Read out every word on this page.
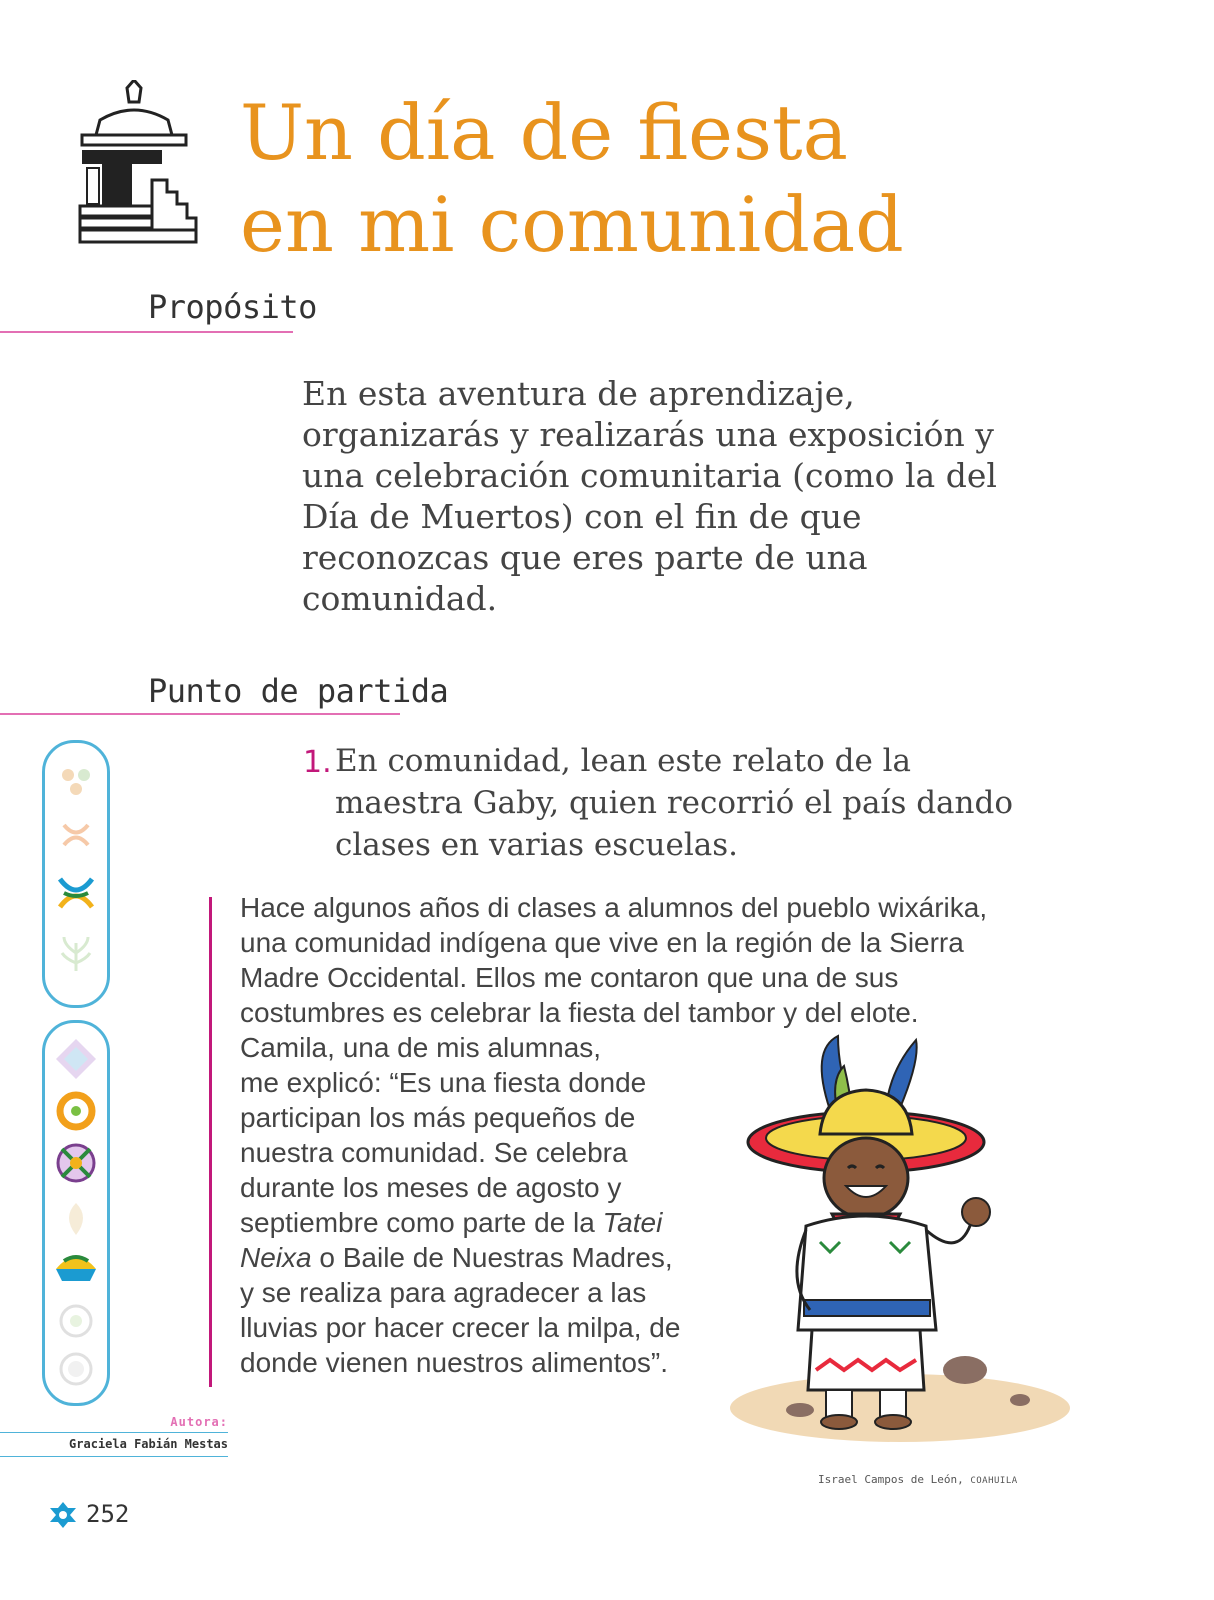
Un día de fiesta
en mi comunidad
Propósito
En esta aventura de aprendizaje, organizarás y realizarás una exposición y una celebración comunitaria (como la del Día de Muertos) con el fin de que reconozcas que eres parte de una comunidad.
Punto de partida
1. En comunidad, lean este relato de la maestra Gaby, quien recorrió el país dando clases en varias escuelas.
Hace algunos años di clases a alumnos del pueblo wixárika,
una comunidad indígena que vive en la región de la Sierra
Madre Occidental. Ellos me contaron que una de sus
costumbres es celebrar la fiesta del tambor y del elote.
Camila, una de mis alumnas,
me explicó: “Es una fiesta donde
participan los más pequeños de
nuestra comunidad. Se celebra
durante los meses de agosto y
septiembre como parte de la Tatei
Neixa o Baile de Nuestras Madres,
y se realiza para agradecer a las
lluvias por hacer crecer la milpa, de
donde vienen nuestros alimentos”.
Autora:
Graciela Fabián Mestas
Israel Campos de León, COAHUILA
252
